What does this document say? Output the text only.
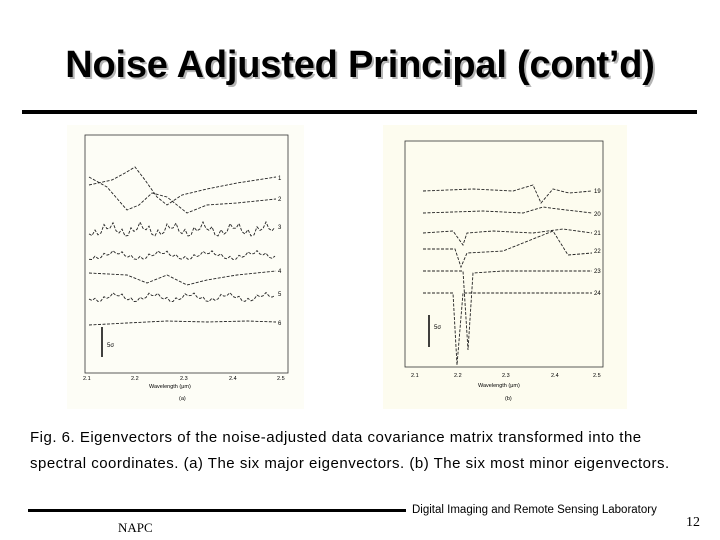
Noise Adjusted Principal (cont’d)
5σ
1
2
3
4
5
6
2.1	2.2	2.3	2.4	2.5
Wavelength (μm)
(a)
5σ
19
20
21
22
23
24
2.1	2.2	2.3	2.4	2.5
Wavelength (μm)
(b)
Fig. 6. Eigenvectors of the noise-adjusted data covariance matrix transformed into the spectral coordinates. (a) The six major eigenvectors. (b) The six most minor eigenvectors.
Digital Imaging and Remote Sensing Laboratory
NAPC	12
